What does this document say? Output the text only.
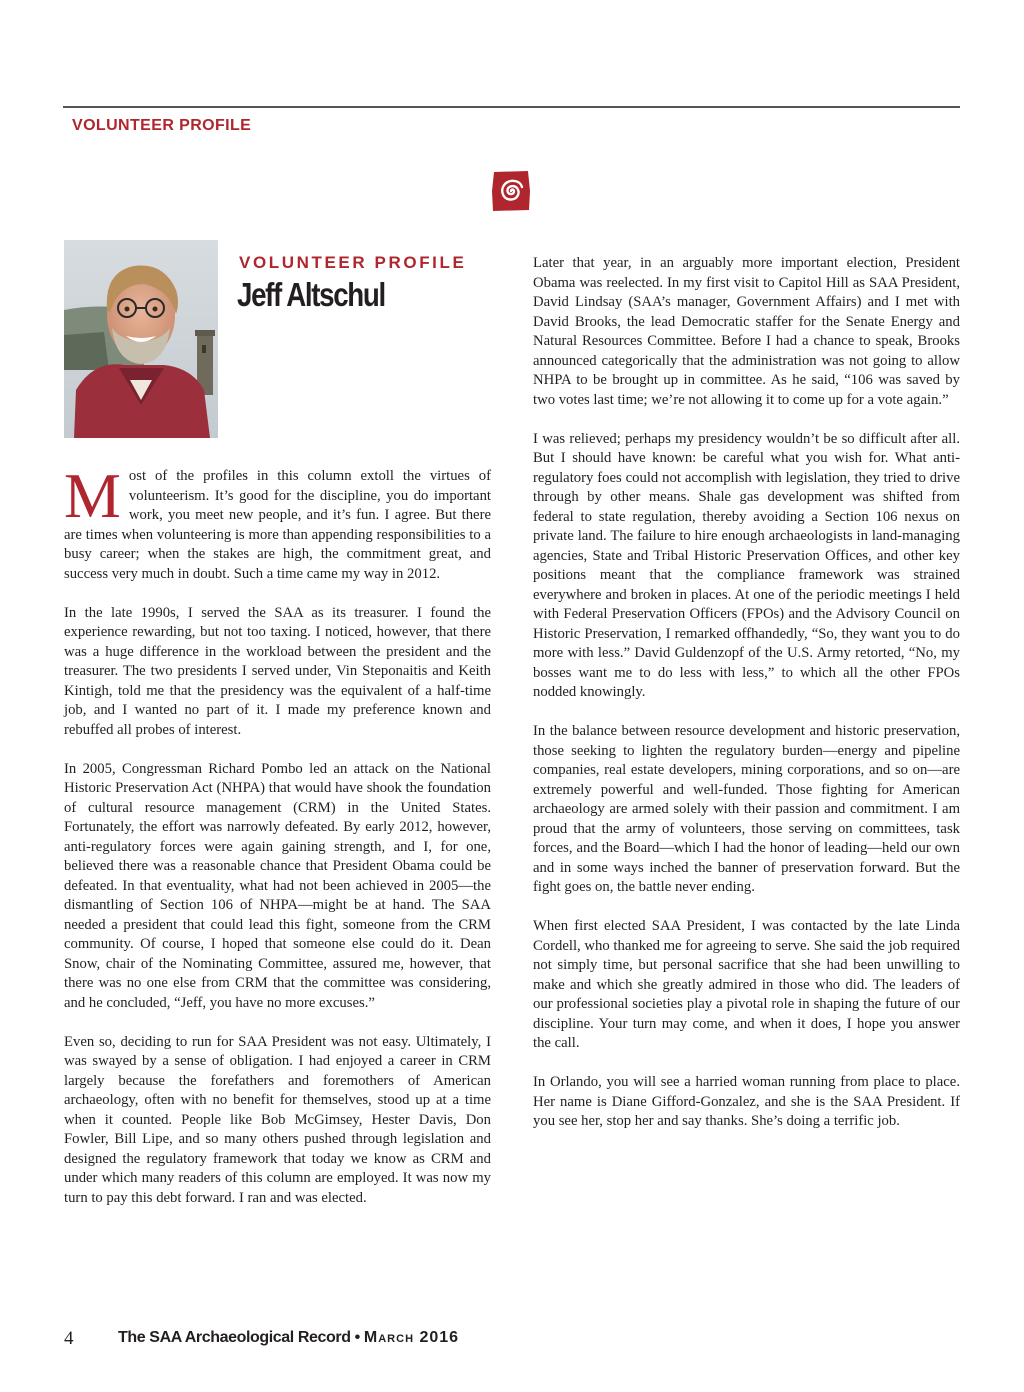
VOLUNTEER PROFILE
VOLUNTEER PROFILE
Jeff Altschul

Most of the profiles in this column extoll the virtues of volunteerism. It’s good for the discipline, you do important work, you meet new people, and it’s fun. I agree. But there are times when volunteering is more than appending responsibilities to a busy career; when the stakes are high, the commitment great, and success very much in doubt. Such a time came my way in 2012.

In the late 1990s, I served the SAA as its treasurer. I found the experience rewarding, but not too taxing. I noticed, however, that there was a huge difference in the workload between the president and the treasurer. The two presidents I served under, Vin Steponaitis and Keith Kintigh, told me that the presidency was the equivalent of a half-time job, and I wanted no part of it. I made my preference known and rebuffed all probes of interest.

In 2005, Congressman Richard Pombo led an attack on the National Historic Preservation Act (NHPA) that would have shook the foundation of cultural resource management (CRM) in the United States. Fortunately, the effort was narrowly defeated. By early 2012, however, anti-regulatory forces were again gaining strength, and I, for one, believed there was a reasonable chance that President Obama could be defeated. In that eventuality, what had not been achieved in 2005—the dismantling of Section 106 of NHPA—might be at hand. The SAA needed a president that could lead this fight, someone from the CRM community. Of course, I hoped that someone else could do it. Dean Snow, chair of the Nominating Committee, assured me, however, that there was no one else from CRM that the committee was considering, and he concluded, “Jeff, you have no more excuses.”

Even so, deciding to run for SAA President was not easy. Ultimately, I was swayed by a sense of obligation. I had enjoyed a career in CRM largely because the forefathers and foremothers of American archaeology, often with no benefit for themselves, stood up at a time when it counted. People like Bob McGimsey, Hester Davis, Don Fowler, Bill Lipe, and so many others pushed through legislation and designed the regulatory framework that today we know as CRM and under which many readers of this column are employed. It was now my turn to pay this debt forward. I ran and was elected.

Later that year, in an arguably more important election, President Obama was reelected. In my first visit to Capitol Hill as SAA President, David Lindsay (SAA’s manager, Government Affairs) and I met with David Brooks, the lead Democratic staffer for the Senate Energy and Natural Resources Committee. Before I had a chance to speak, Brooks announced categorically that the administration was not going to allow NHPA to be brought up in committee. As he said, “106 was saved by two votes last time; we’re not allowing it to come up for a vote again.”

I was relieved; perhaps my presidency wouldn’t be so difficult after all. But I should have known: be careful what you wish for. What anti-regulatory foes could not accomplish with legislation, they tried to drive through by other means. Shale gas development was shifted from federal to state regulation, thereby avoiding a Section 106 nexus on private land. The failure to hire enough archaeologists in land-managing agencies, State and Tribal Historic Preservation Offices, and other key positions meant that the compliance framework was strained everywhere and broken in places. At one of the periodic meetings I held with Federal Preservation Officers (FPOs) and the Advisory Council on Historic Preservation, I remarked offhandedly, “So, they want you to do more with less.” David Guldenzopf of the U.S. Army retorted, “No, my bosses want me to do less with less,” to which all the other FPOs nodded knowingly.

In the balance between resource development and historic preservation, those seeking to lighten the regulatory burden—energy and pipeline companies, real estate developers, mining corporations, and so on—are extremely powerful and well-funded. Those fighting for American archaeology are armed solely with their passion and commitment. I am proud that the army of volunteers, those serving on committees, task forces, and the Board—which I had the honor of leading—held our own and in some ways inched the banner of preservation forward. But the fight goes on, the battle never ending.

When first elected SAA President, I was contacted by the late Linda Cordell, who thanked me for agreeing to serve. She said the job required not simply time, but personal sacrifice that she had been unwilling to make and which she greatly admired in those who did. The leaders of our professional societies play a pivotal role in shaping the future of our discipline. Your turn may come, and when it does, I hope you answer the call.

In Orlando, you will see a harried woman running from place to place. Her name is Diane Gifford-Gonzalez, and she is the SAA President. If you see her, stop her and say thanks. She’s doing a terrific job.

4	The SAA Archaeological Record • March 2016
